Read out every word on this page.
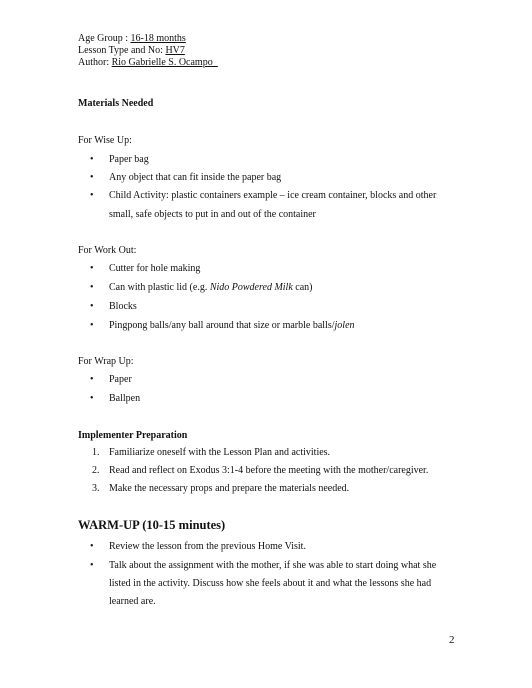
Age Group : 16-18 months
Lesson Type and No: HV7
Author: Rio Gabrielle S. Ocampo_
Materials Needed
For Wise Up:
•	Paper bag
•	Any object that can fit inside the paper bag
•	Child Activity: plastic containers example – ice cream container, blocks and other
small, safe objects to put in and out of the container
For Work Out:
•	Cutter for hole making
•	Can with plastic lid (e.g. Nido Powdered Milk can)
•	Blocks
•	Pingpong balls/any ball around that size or marble balls/jolen
For Wrap Up:
•	Paper
•	Ballpen
Implementer Preparation
1. Familiarize oneself with the Lesson Plan and activities.
2. Read and reflect on Exodus 3:1-4 before the meeting with the mother/caregiver.
3. Make the necessary props and prepare the materials needed.
WARM-UP (10-15 minutes)
•	Review the lesson from the previous Home Visit.
•	Talk about the assignment with the mother, if she was able to start doing what she
listed in the activity. Discuss how she feels about it and what the lessons she had
learned are.
2
